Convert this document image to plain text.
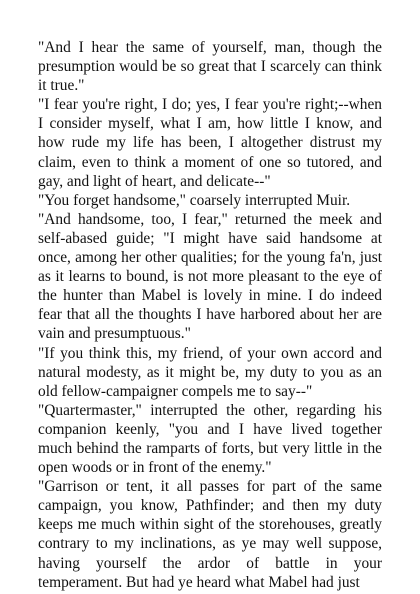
"And I hear the same of yourself, man, though the presumption would be so great that I scarcely can think it true."

"I fear you're right, I do; yes, I fear you're right;--when I consider myself, what I am, how little I know, and how rude my life has been, I altogether distrust my claim, even to think a moment of one so tutored, and gay, and light of heart, and delicate--"

"You forget handsome," coarsely interrupted Muir.

"And handsome, too, I fear," returned the meek and self-abased guide; "I might have said handsome at once, among her other qualities; for the young fa'n, just as it learns to bound, is not more pleasant to the eye of the hunter than Mabel is lovely in mine. I do indeed fear that all the thoughts I have harbored about her are vain and presumptuous."

"If you think this, my friend, of your own accord and natural modesty, as it might be, my duty to you as an old fellow-campaigner compels me to say--"

"Quartermaster," interrupted the other, regarding his companion keenly, "you and I have lived together much behind the ramparts of forts, but very little in the open woods or in front of the enemy."

"Garrison or tent, it all passes for part of the same campaign, you know, Pathfinder; and then my duty keeps me much within sight of the storehouses, greatly contrary to my inclinations, as ye may well suppose, having yourself the ardor of battle in your temperament. But had ye heard what Mabel had just
